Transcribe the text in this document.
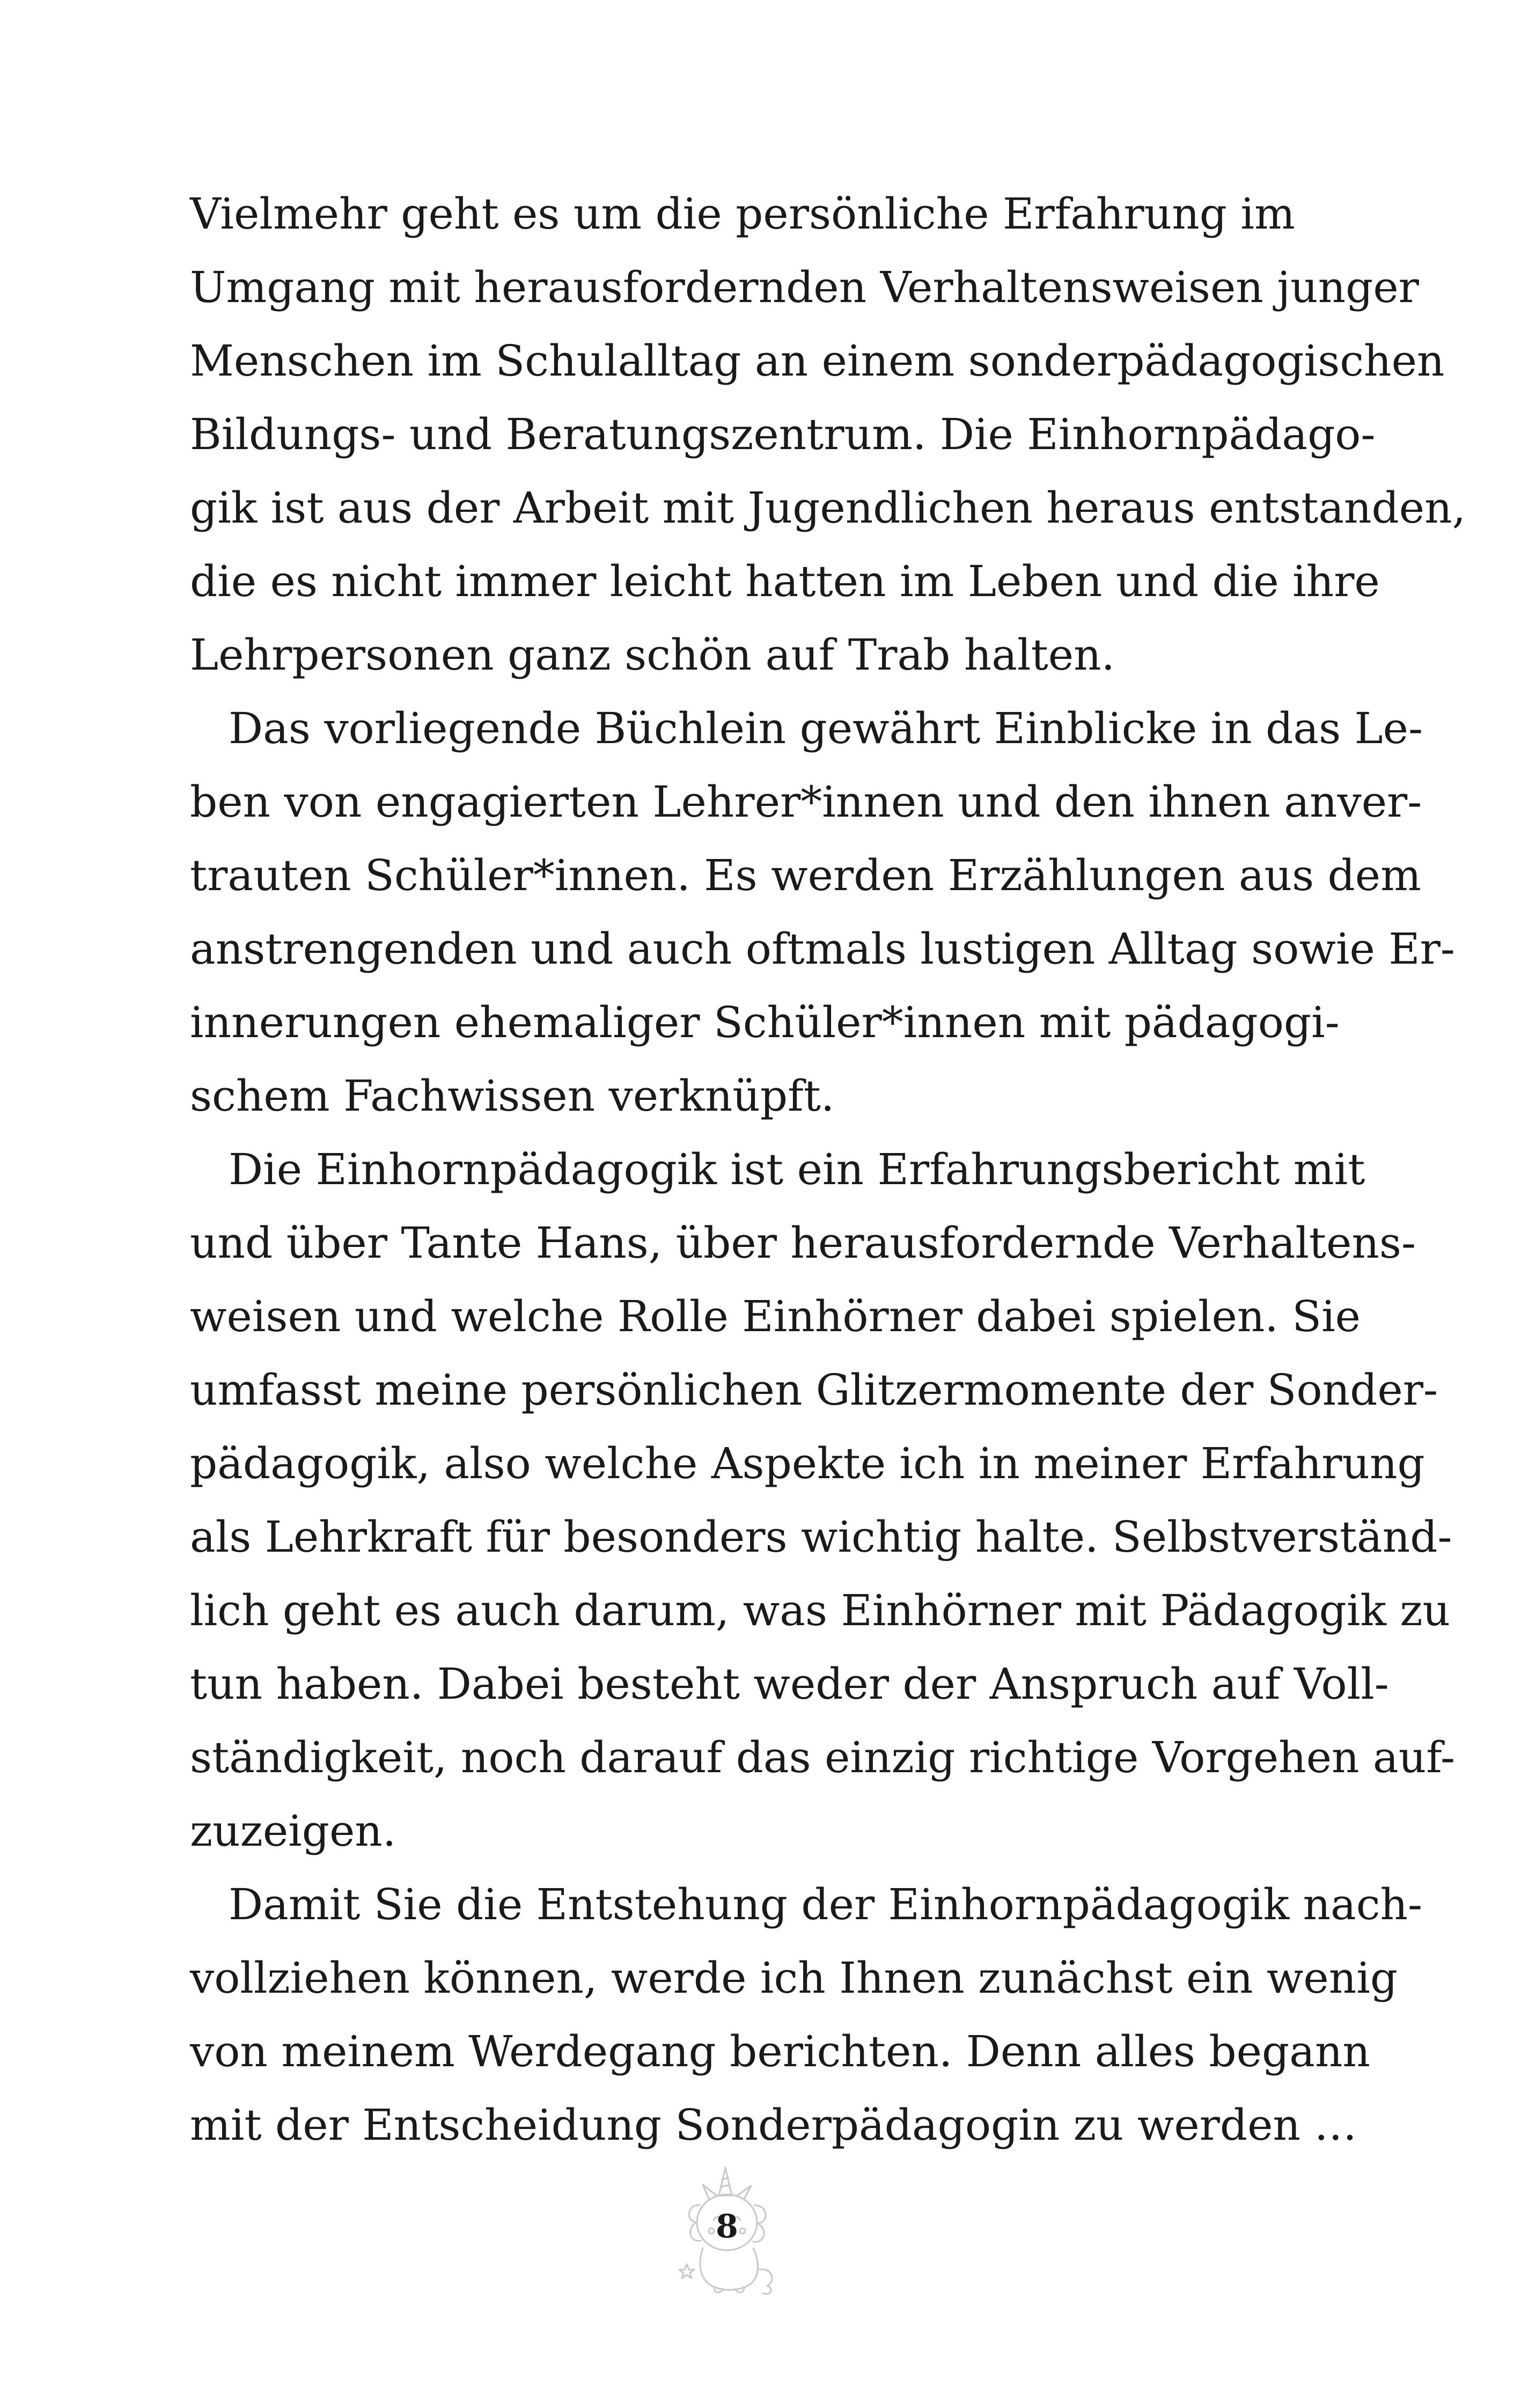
Vielmehr geht es um die persönliche Erfahrung im
Umgang mit herausfordernden Verhaltensweisen junger
Menschen im Schulalltag an einem sonderpädagogischen
Bildungs- und Beratungszentrum. Die Einhornpädago-
gik ist aus der Arbeit mit Jugendlichen heraus entstanden,
die es nicht immer leicht hatten im Leben und die ihre
Lehrpersonen ganz schön auf Trab halten.
Das vorliegende Büchlein gewährt Einblicke in das Le-
ben von engagierten Lehrer*innen und den ihnen anver-
trauten Schüler*innen. Es werden Erzählungen aus dem
anstrengenden und auch oftmals lustigen Alltag sowie Er-
innerungen ehemaliger Schüler*innen mit pädagogi-
schem Fachwissen verknüpft.
Die Einhornpädagogik ist ein Erfahrungsbericht mit
und über Tante Hans, über herausfordernde Verhaltens-
weisen und welche Rolle Einhörner dabei spielen. Sie
umfasst meine persönlichen Glitzermomente der Sonder-
pädagogik, also welche Aspekte ich in meiner Erfahrung
als Lehrkraft für besonders wichtig halte. Selbstverständ-
lich geht es auch darum, was Einhörner mit Pädagogik zu
tun haben. Dabei besteht weder der Anspruch auf Voll-
ständigkeit, noch darauf das einzig richtige Vorgehen auf-
zuzeigen.
Damit Sie die Entstehung der Einhornpädagogik nach-
vollziehen können, werde ich Ihnen zunächst ein wenig
von meinem Werdegang berichten. Denn alles begann
mit der Entscheidung Sonderpädagogin zu werden …
8
